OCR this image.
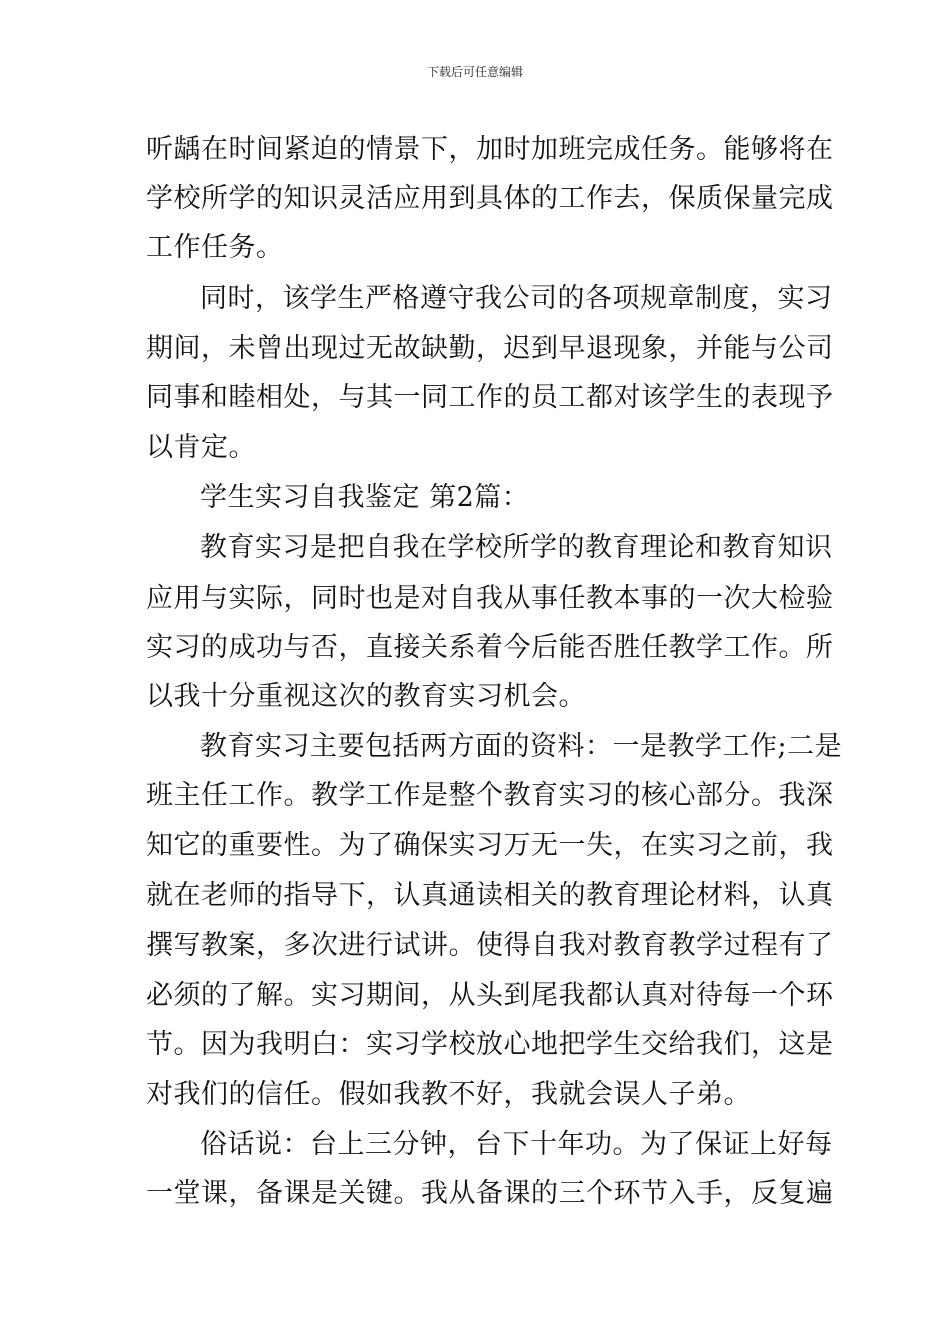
下载后可任意编辑
听龋在时间紧迫的情景下，加时加班完成任务。能够将在
学校所学的知识灵活应用到具体的工作去，保质保量完成
工作任务。
同时，该学生严格遵守我公司的各项规章制度，实习
期间，未曾出现过无故缺勤，迟到早退现象，并能与公司
同事和睦相处，与其一同工作的员工都对该学生的表现予
以肯定。
学生实习自我鉴定 第2篇：
教育实习是把自我在学校所学的教育理论和教育知识
应用与实际，同时也是对自我从事任教本事的一次大检验
实习的成功与否，直接关系着今后能否胜任教学工作。所
以我十分重视这次的教育实习机会。
教育实习主要包括两方面的资料：一是教学工作;二是
班主任工作。教学工作是整个教育实习的核心部分。我深
知它的重要性。为了确保实习万无一失，在实习之前，我
就在老师的指导下，认真通读相关的教育理论材料，认真
撰写教案，多次进行试讲。使得自我对教育教学过程有了
必须的了解。实习期间，从头到尾我都认真对待每一个环
节。因为我明白：实习学校放心地把学生交给我们，这是
对我们的信任。假如我教不好，我就会误人子弟。
俗话说：台上三分钟，台下十年功。为了保证上好每
一堂课，备课是关键。我从备课的三个环节入手，反复遍
